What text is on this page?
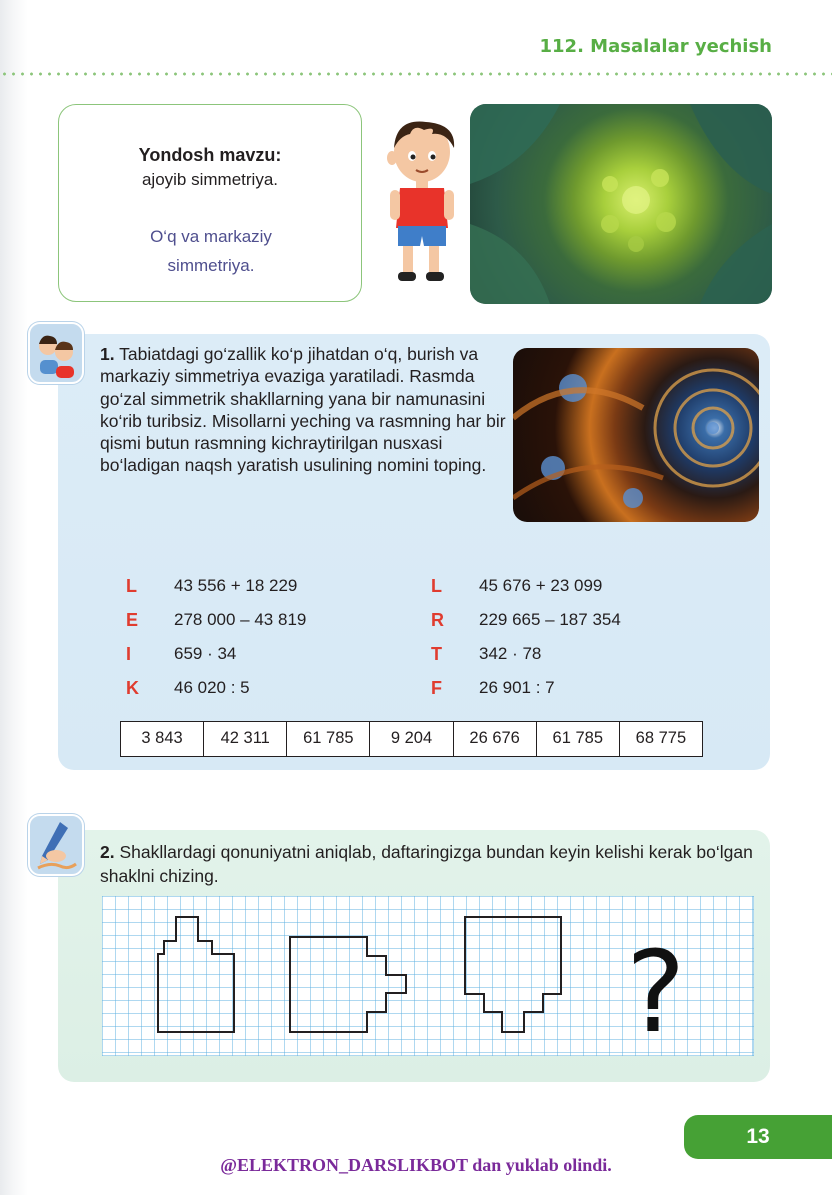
112. Masalalar yechish
Yondosh mavzu:
ajoyib simmetriya.
O‘q va markaziy simmetriya.
1. Tabiatdagi go‘zallik ko‘p jihatdan o‘q, burish va markaziy simmetriya evaziga yaratiladi. Rasmda go‘zal simmetrik shakllarning yana bir namunasini ko‘rib turibsiz. Misollarni yeching va rasmning har bir qismi butun rasmning kichraytirilgan nusxasi bo‘ladigan naqsh yaratish usulining nomini toping.
L 43 556 + 18 229
E 278 000 – 43 819
I	659 · 34
K 46 020 : 5
L 45 676 + 23 099
R 229 665 – 187 354
T 342 · 78
F 26 901 : 7
3 843	42 311	61 785	9 204	26 676	61 785	68 775
2. Shakllardagi qonuniyatni aniqlab, daftaringizga bundan keyin kelishi kerak bo‘lgan shaklni chizing.
?
13
@ELEKTRON_DARSLIKBOT dan yuklab olindi.
